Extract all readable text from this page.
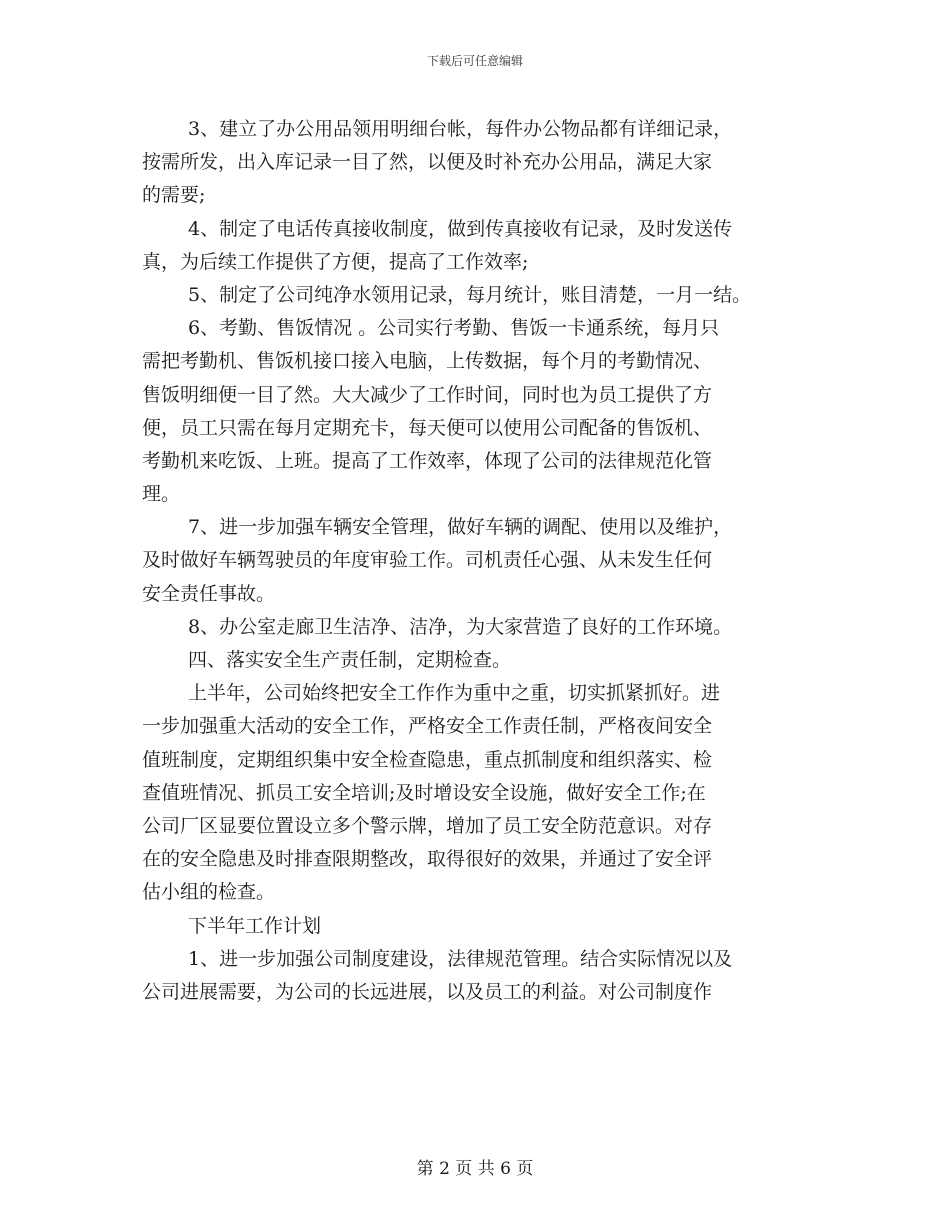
下载后可任意编辑
3、建立了办公用品领用明细台帐，每件办公物品都有详细记录，
按需所发，出入库记录一目了然，以便及时补充办公用品，满足大家
的需要;
4、制定了电话传真接收制度，做到传真接收有记录，及时发送传
真，为后续工作提供了方便，提高了工作效率;
5、制定了公司纯净水领用记录，每月统计，账目清楚，一月一结。
6、考勤、售饭情况 。公司实行考勤、售饭一卡通系统，每月只
需把考勤机、售饭机接口接入电脑，上传数据，每个月的考勤情况、
售饭明细便一目了然。大大减少了工作时间，同时也为员工提供了方
便，员工只需在每月定期充卡，每天便可以使用公司配备的售饭机、
考勤机来吃饭、上班。提高了工作效率，体现了公司的法律规范化管
理。
7、进一步加强车辆安全管理，做好车辆的调配、使用以及维护，
及时做好车辆驾驶员的年度审验工作。司机责任心强、从未发生任何
安全责任事故。
8、办公室走廊卫生洁净、洁净，为大家营造了良好的工作环境。
四、落实安全生产责任制，定期检查。
上半年，公司始终把安全工作作为重中之重，切实抓紧抓好。进
一步加强重大活动的安全工作，严格安全工作责任制，严格夜间安全
值班制度，定期组织集中安全检查隐患，重点抓制度和组织落实、检
查值班情况、抓员工安全培训;及时增设安全设施，做好安全工作;在
公司厂区显要位置设立多个警示牌，增加了员工安全防范意识。对存
在的安全隐患及时排查限期整改，取得很好的效果，并通过了安全评
估小组的检查。
下半年工作计划
1、进一步加强公司制度建设，法律规范管理。结合实际情况以及
公司进展需要，为公司的长远进展，以及员工的利益。对公司制度作
第 2 页 共 6 页
